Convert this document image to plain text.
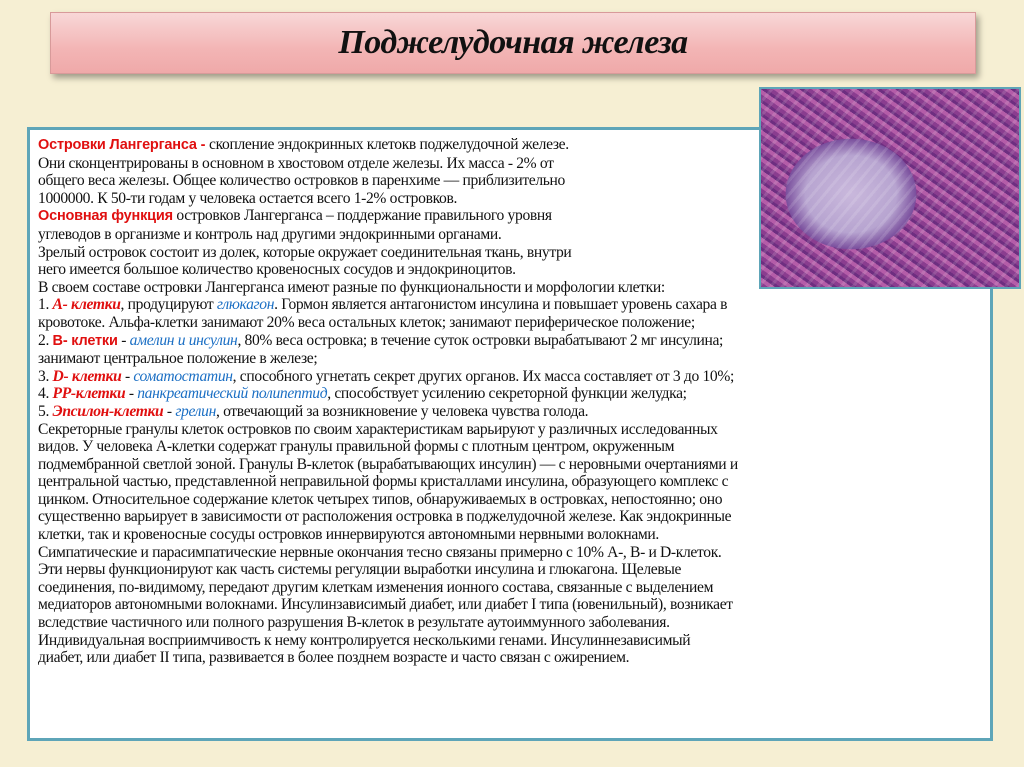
Поджелудочная железа
Островки Лангерганса - скопление эндокринных клетокв поджелудочной железе.
Они сконцентрированы в основном в хвостовом отделе железы. Их масса - 2% от
общего веса железы. Общее количество островков в паренхиме — приблизительно
1000000. К 50-ти годам у человека остается всего 1-2% островков.
Основная функция островков Лангерганса – поддержание правильного уровня
углеводов в организме и контроль над другими эндокринными органами.
Зрелый островок состоит из долек, которые окружает соединительная ткань, внутри
него имеется большое количество кровеносных сосудов и эндокриноцитов.
В своем составе островки Лангерганса имеют разные по функциональности и морфологии клетки:
1. А- клетки, продуцируют глюкагон. Гормон является антагонистом инсулина и повышает уровень сахара в
кровотоке. Альфа-клетки занимают 20% веса остальных клеток; занимают периферическое положение;
2. В- клетки - амелин и инсулин, 80% веса островка; в течение суток островки вырабатывают 2 мг инсулина;
занимают центральное положение в железе;
3. D- клетки - соматостатин, способного угнетать секрет других органов. Их масса составляет от 3 до 10%;
4. PP-клетки - панкреатический полипептид, способствует усилению секреторной функции желудка;
5. Эпсилон-клетки - грелин, отвечающий за возникновение у человека чувства голода.
Секреторные гранулы клеток островков по своим характеристикам варьируют у различных исследованных
видов. У человека А-клетки содержат гранулы правильной формы с плотным центром, окруженным
подмембранной светлой зоной. Гранулы В-клеток (вырабатывающих инсулин) — с неровными очертаниями и
центральной частью, представленной неправильной формы кристаллами инсулина, образующего комплекс с
цинком. Относительное содержание клеток четырех типов, обнаруживаемых в островках, непостоянно; оно
существенно варьирует в зависимости от расположения островка в поджелудочной железе. Как эндокринные
клетки, так и кровеносные сосуды островков иннервируются автономными нервными волокнами.
Симпатические и парасимпатические нервные окончания тесно связаны примерно с 10% А-, В- и D-клеток.
Эти нервы функционируют как часть системы регуляции выработки инсулина и глюкагона. Щелевые
соединения, по-видимому, передают другим клеткам изменения ионного состава, связанные с выделением
медиаторов автономными волокнами. Инсулинзависимый диабет, или диабет I типа (ювенильный), возникает
вследствие частичного или полного разрушения В-клеток в результате аутоиммунного заболевания.
Индивидуальная восприимчивость к нему контролируется несколькими генами. Инсулиннезависимый
диабет, или диабет II типа, развивается в более позднем возрасте и часто связан с ожирением.
